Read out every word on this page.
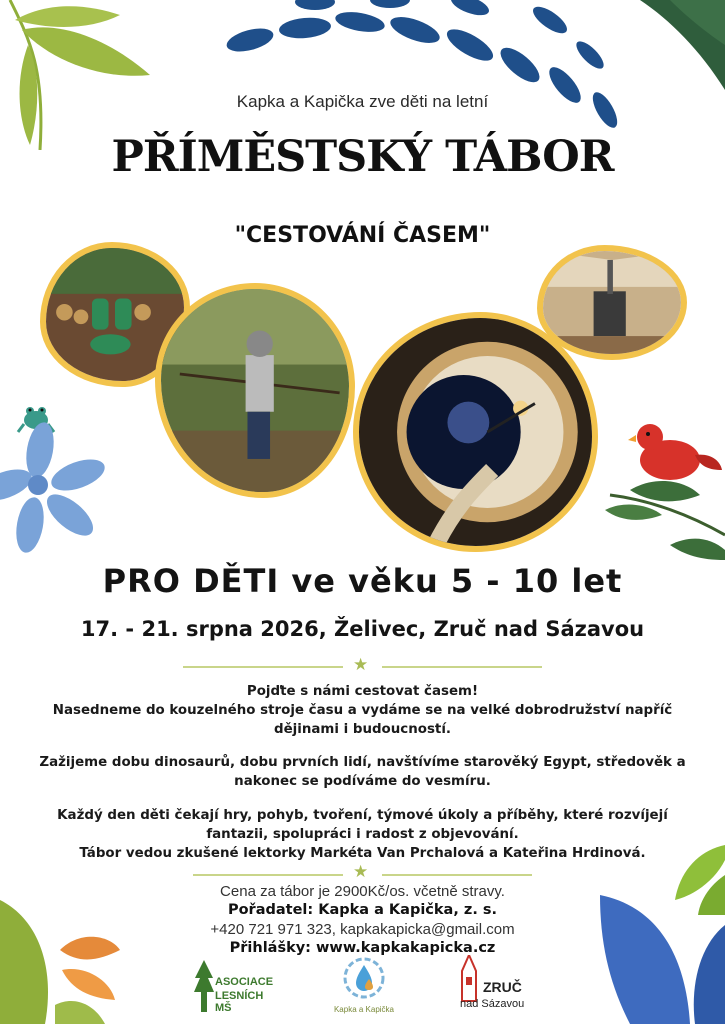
Kapka a Kapička zve děti na letní
PŘÍMĚSTSKÝ TÁBOR
"CESTOVÁNÍ ČASEM"
PRO DĚTI ve věku 5 - 10 let
17. - 21. srpna 2026, Želivec, Zruč nad Sázavou
★
Pojďte s námi cestovat časem!
Nasedneme do kouzelného stroje času a vydáme se na velké dobrodružství napříč
dějinami i budoucností.
Zažijeme dobu dinosaurů, dobu prvních lidí, navštívíme starověký Egypt, středověk a
nakonec se podíváme do vesmíru.
Každý den děti čekají hry, pohyb, tvoření, týmové úkoly a příběhy, které rozvíjejí
fantazii, spolupráci i radost z objevování.
Tábor vedou zkušené lektorky Markéta Van Prchalová a Kateřina Hrdinová.
★
Cena za tábor je 2900Kč/os. včetně stravy.
Pořadatel: Kapka a Kapička, z. s.
+420 721 971 323, kapkakapicka@gmail.com
Přihlášky: www.kapkakapicka.cz
ASOCIACE
LESNÍCH MŠ	Kapka a Kapička
ZRUČ
nad Sázavou
